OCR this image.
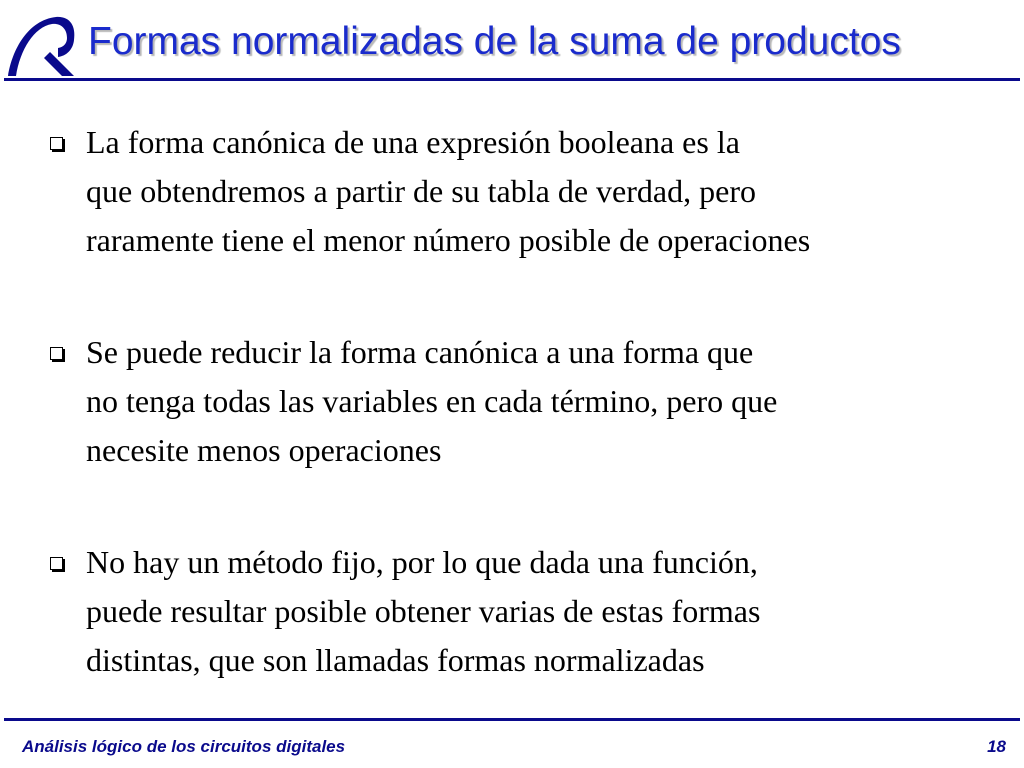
Formas normalizadas de la suma de productos
La forma canónica de una expresión booleana es la
que obtendremos a partir de su tabla de verdad, pero
raramente tiene el menor número posible de operaciones
Se puede reducir la forma canónica a una forma que
no tenga todas las variables en cada término, pero que
necesite menos operaciones
No hay un método fijo, por lo que dada una función,
puede resultar posible obtener varias de estas formas
distintas, que son llamadas formas normalizadas
Análisis lógico de los circuitos digitales	18
